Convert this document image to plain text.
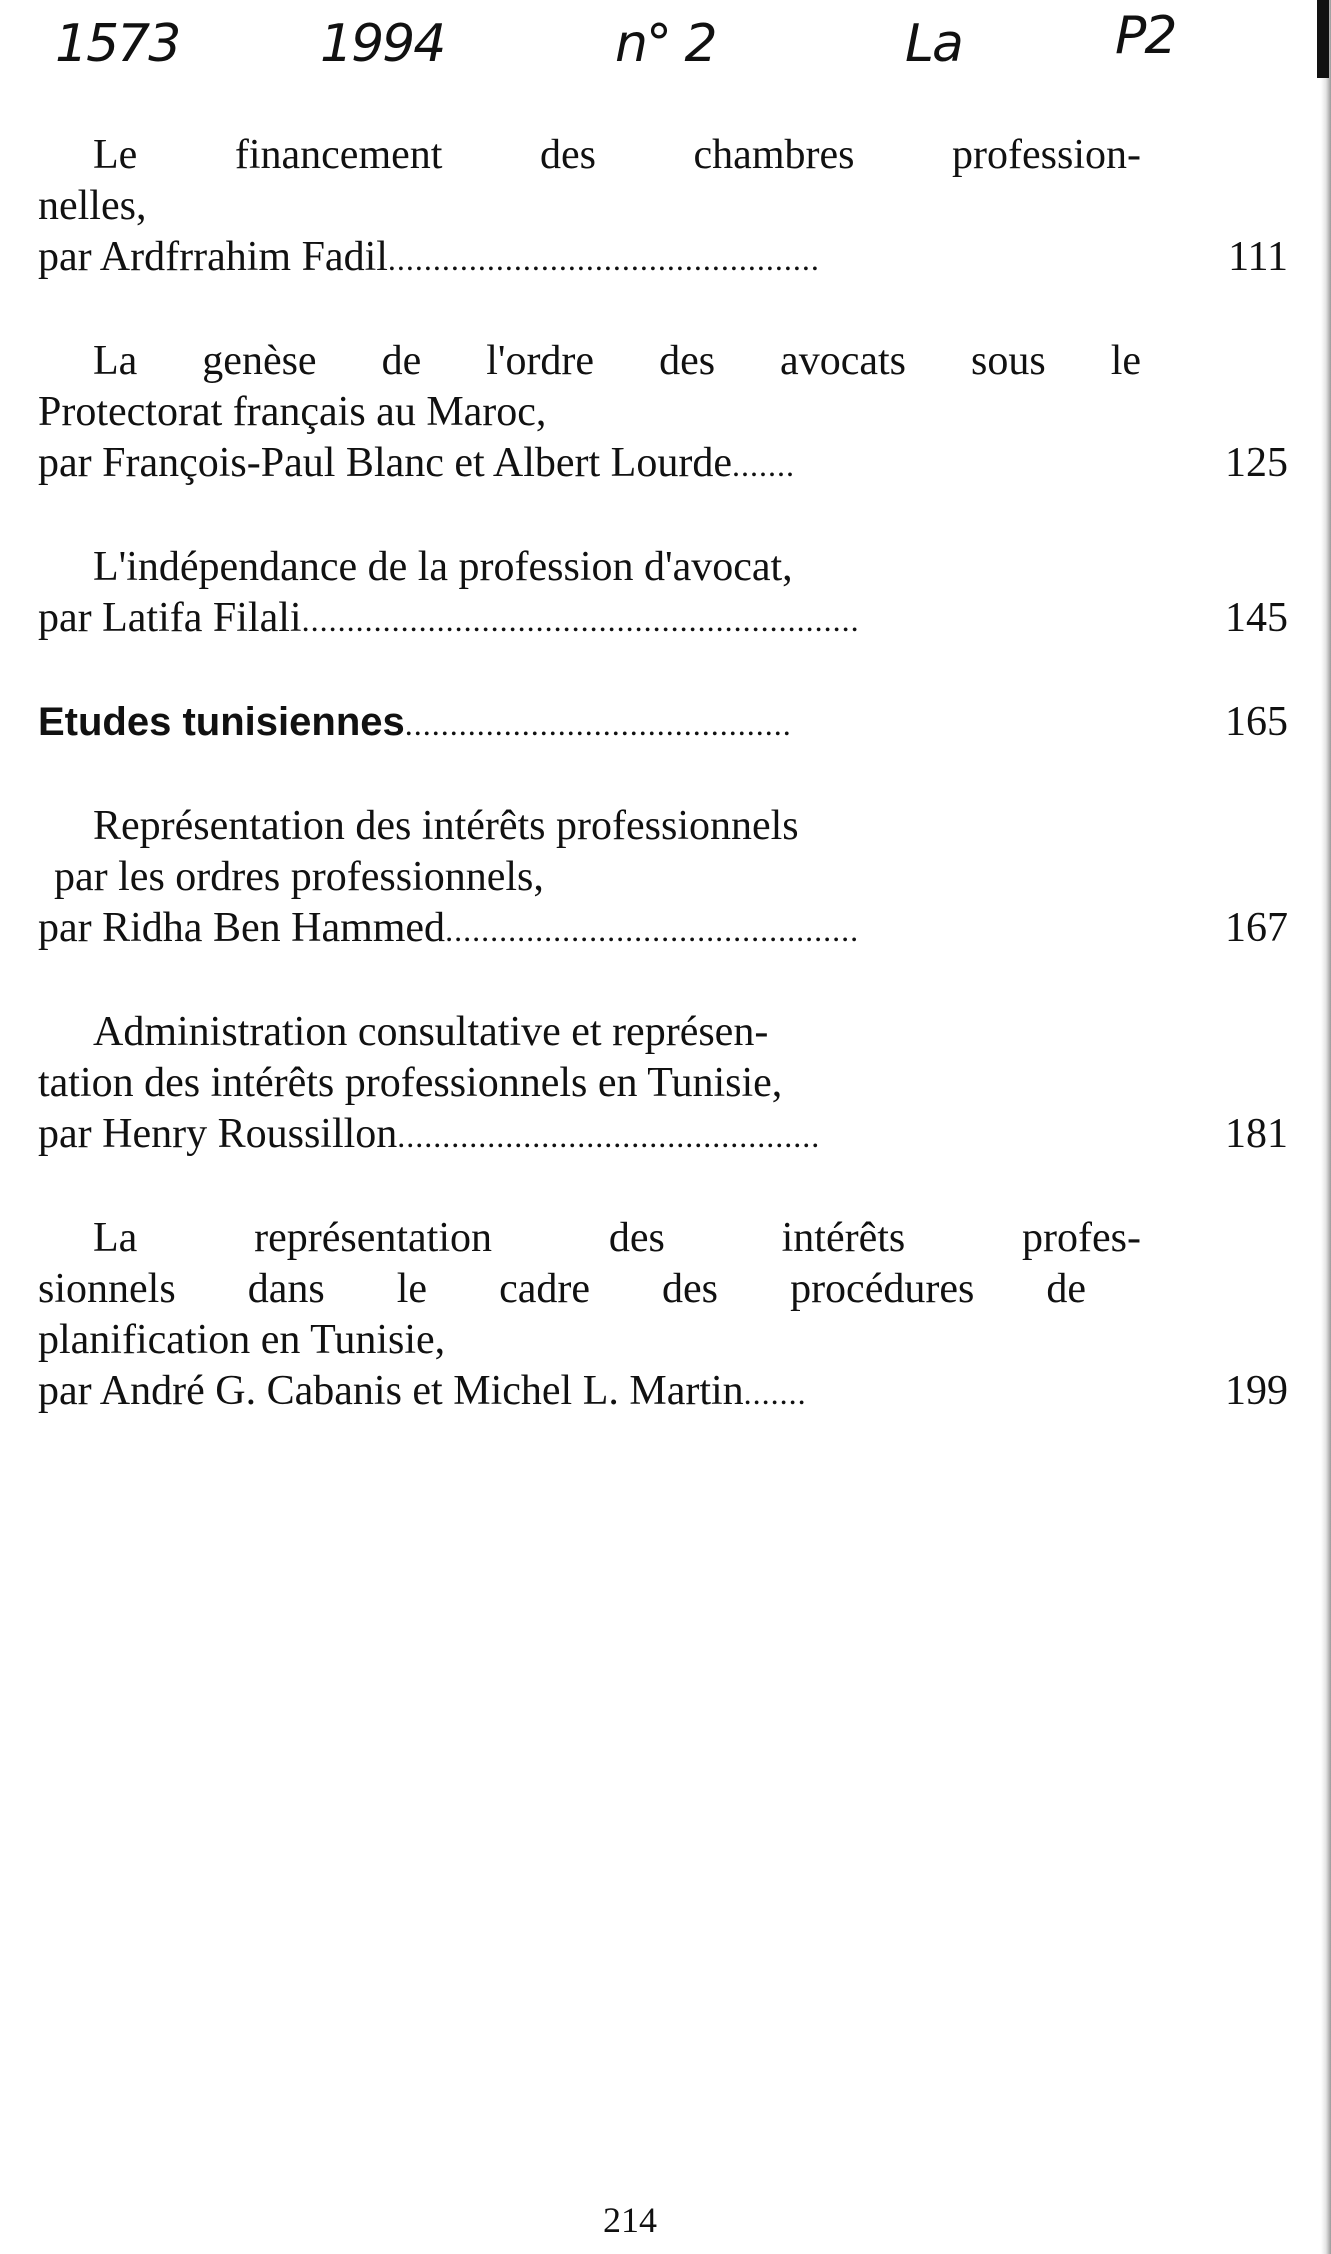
1573	1994	n° 2	La	P2
Le financement des chambres profession-
nelles,
par Ardfrrahim Fadil................................................	111
La genèse de l'ordre des avocats sous le
Protectorat français au Maroc,
par François-Paul Blanc et Albert Lourde.......	125
L'indépendance de la profession d'avocat,
par Latifa Filali..............................................................	145
Etudes tunisiennes...........................................	165
Représentation des intérêts professionnels
par les ordres professionnels,
par Ridha Ben Hammed..............................................	167
Administration consultative et représen-
tation des intérêts professionnels en Tunisie,
par Henry Roussillon...............................................	181
La représentation des intérêts profes-
sionnels dans le cadre des procédures de
planification en Tunisie,
par André G. Cabanis et Michel L. Martin.......	199
214
